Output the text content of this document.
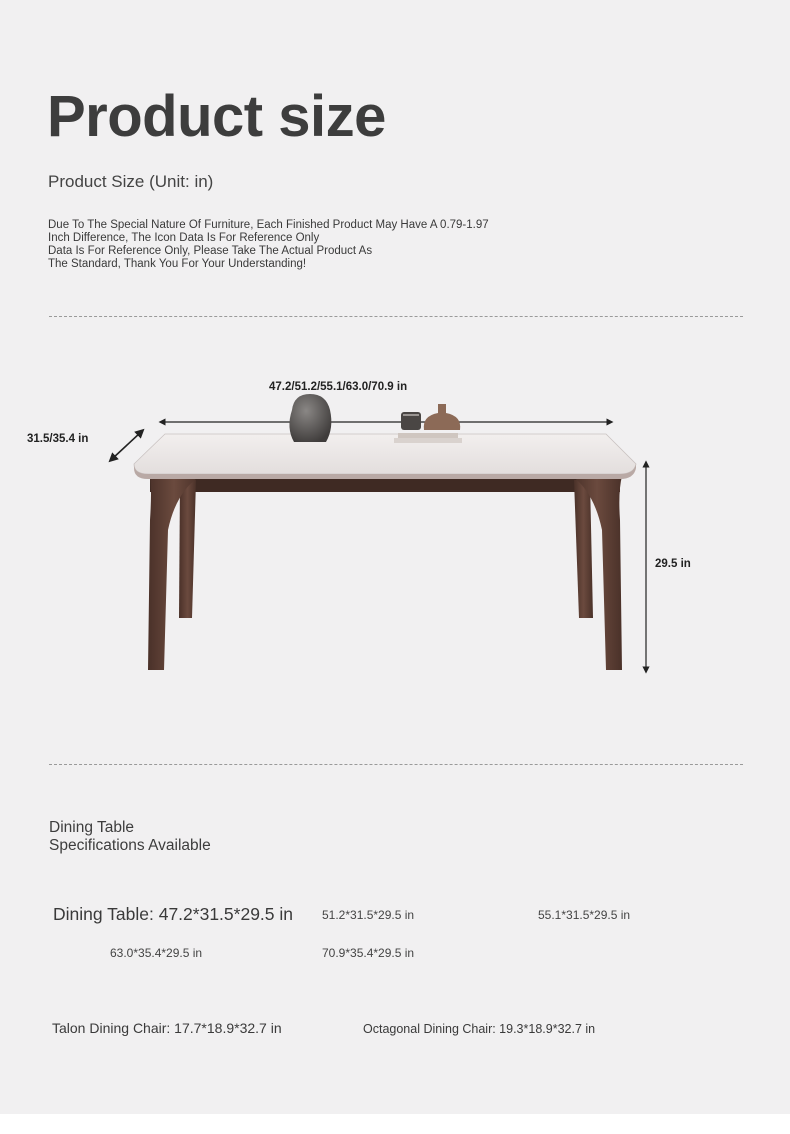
Product size
Product Size (Unit: in)
Due To The Special Nature Of Furniture, Each Finished Product May Have A 0.79-1.97
Inch Difference, The Icon Data Is For Reference Only
Data Is For Reference Only, Please Take The Actual Product As
The Standard, Thank You For Your Understanding!
47.2/51.2/55.1/63.0/70.9 in
31.5/35.4 in
29.5 in
Dining Table
Specifications Available
Dining Table: 47.2*31.5*29.5 in 51.2*31.5*29.5 in	55.1*31.5*29.5 in
63.0*35.4*29.5 in	70.9*35.4*29.5 in
Talon Dining Chair: 17.7*18.9*32.7 in	Octagonal Dining Chair: 19.3*18.9*32.7 in
